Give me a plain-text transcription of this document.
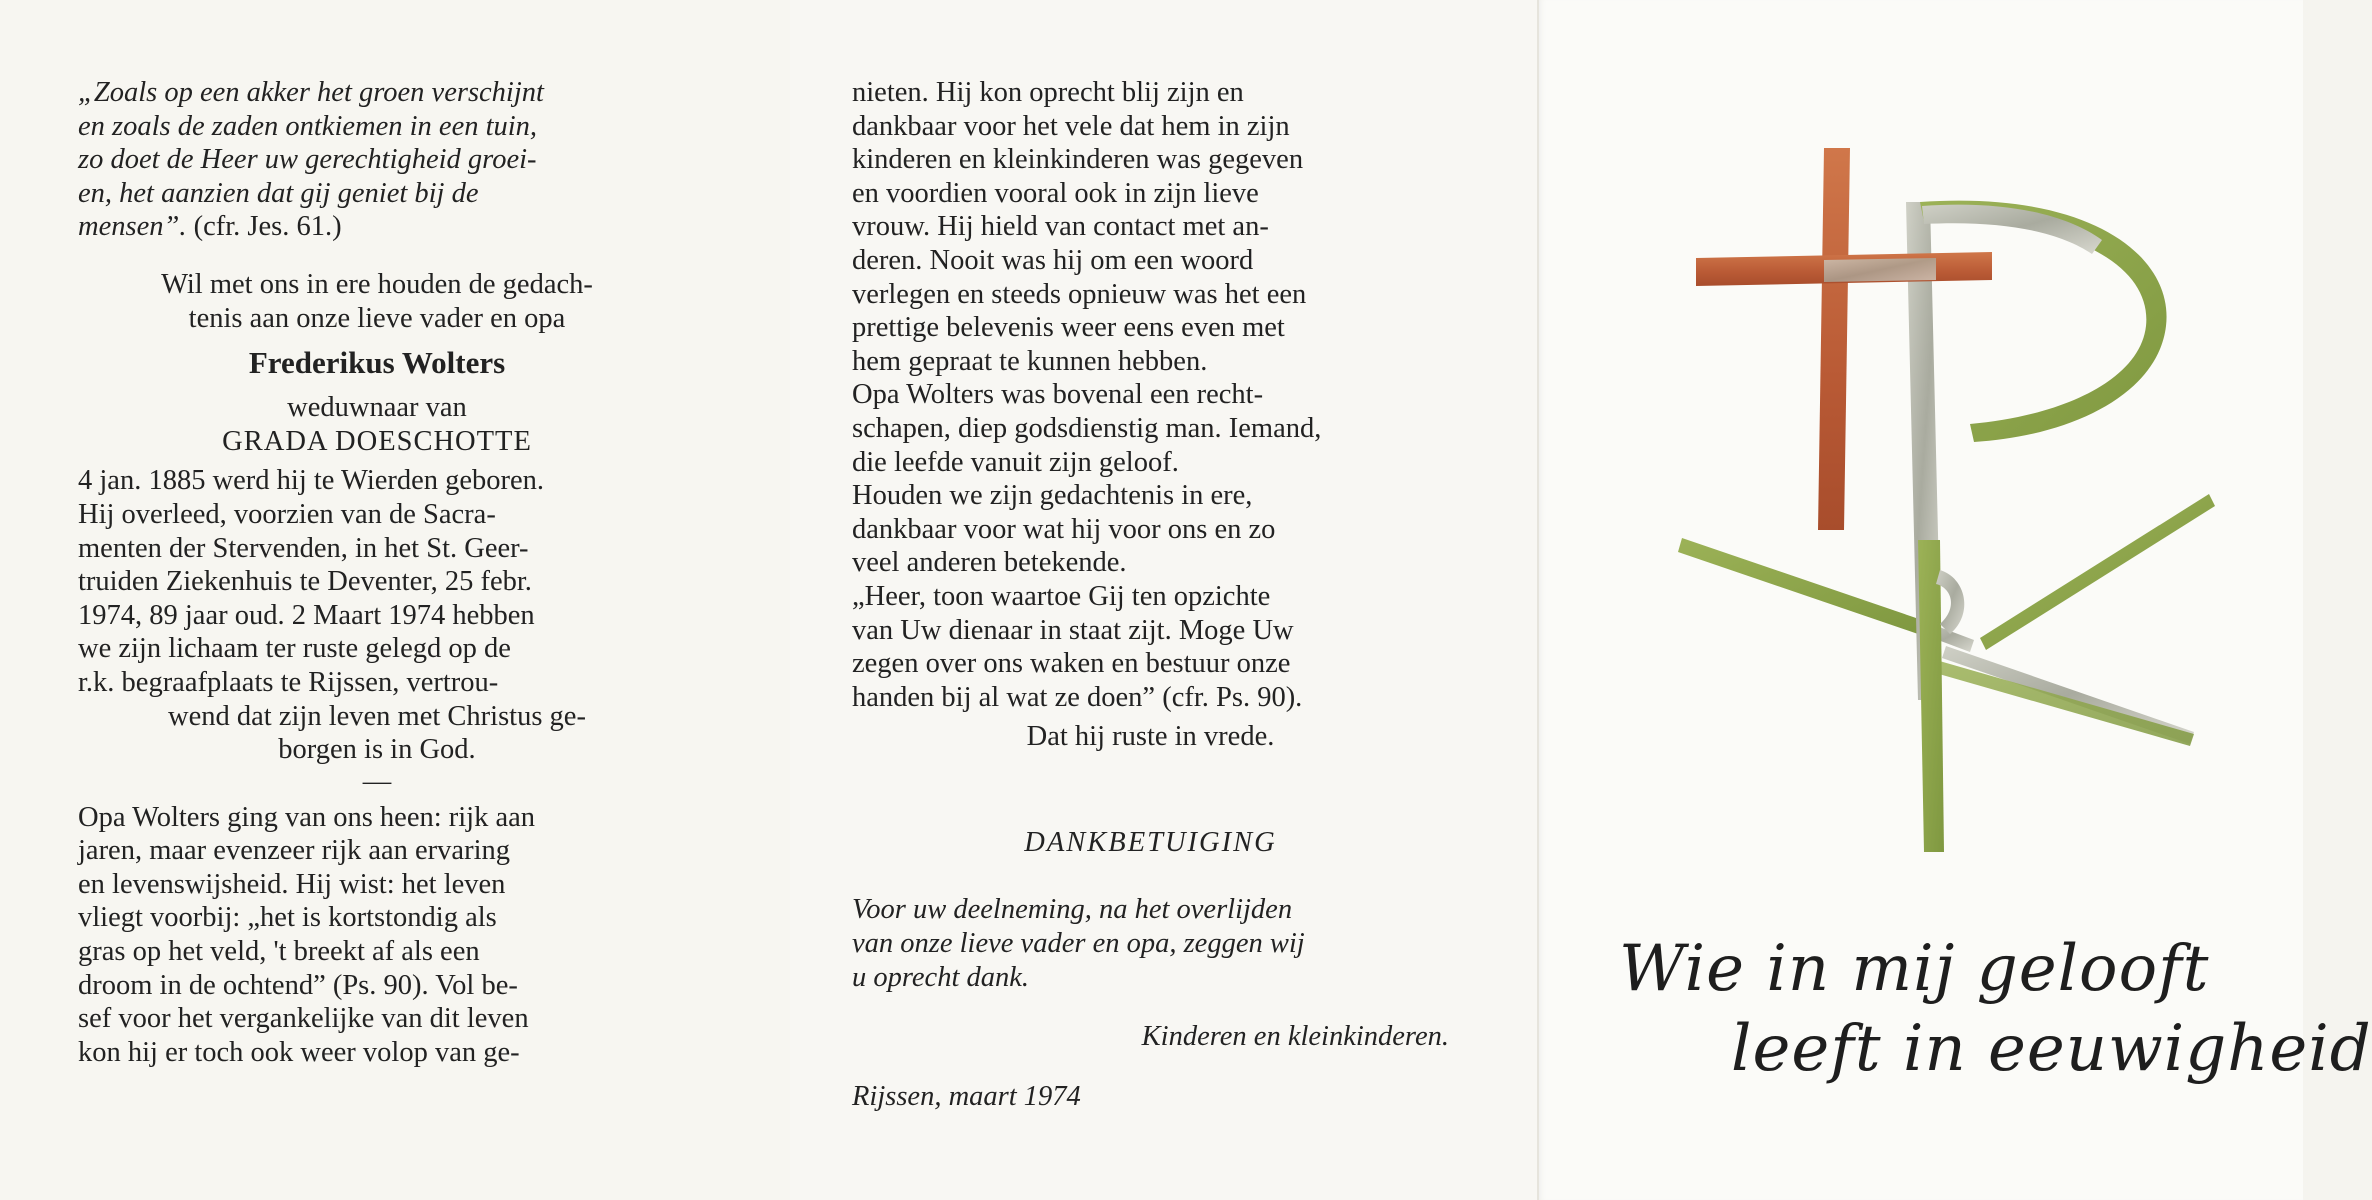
„Zoals op een akker het groen verschijnt

en zoals de zaden ontkiemen in een tuin,

zo doet de Heer uw gerechtigheid groei-

en, het aanzien dat gij geniet bij de

mensen”. (cfr. Jes. 61.)

Wil met ons in ere houden de gedach-

tenis aan onze lieve vader en opa

Frederikus Wolters

weduwnaar van

GRADA DOESCHOTTE

4 jan. 1885 werd hij te Wierden geboren.

Hij overleed, voorzien van de Sacra-

menten der Stervenden, in het St. Geer-

truiden Ziekenhuis te Deventer, 25 febr.

1974, 89 jaar oud. 2 Maart 1974 hebben

we zijn lichaam ter ruste gelegd op de

r.k. begraafplaats te Rijssen, vertrou-

wend dat zijn leven met Christus ge-

borgen is in God.

—

Opa Wolters ging van ons heen: rijk aan

jaren, maar evenzeer rijk aan ervaring

en levenswijsheid. Hij wist: het leven

vliegt voorbij: „het is kortstondig als

gras op het veld, 't breekt af als een

droom in de ochtend” (Ps. 90). Vol be-

sef voor het vergankelijke van dit leven

kon hij er toch ook weer volop van ge-

nieten. Hij kon oprecht blij zijn en

dankbaar voor het vele dat hem in zijn

kinderen en kleinkinderen was gegeven

en voordien vooral ook in zijn lieve

vrouw. Hij hield van contact met an-

deren. Nooit was hij om een woord

verlegen en steeds opnieuw was het een

prettige belevenis weer eens even met

hem gepraat te kunnen hebben.

Opa Wolters was bovenal een recht-

schapen, diep godsdienstig man. Iemand,

die leefde vanuit zijn geloof.

Houden we zijn gedachtenis in ere,

dankbaar voor wat hij voor ons en zo

veel anderen betekende.

„Heer, toon waartoe Gij ten opzichte

van Uw dienaar in staat zijt. Moge Uw

zegen over ons waken en bestuur onze

handen bij al wat ze doen” (cfr. Ps. 90).

Dat hij ruste in vrede.

DANKBETUIGING

Voor uw deelneming, na het overlijden

van onze lieve vader en opa, zeggen wij

u oprecht dank.

Kinderen en kleinkinderen.

Rijssen, maart 1974

Wie in mij gelooft
leeft in eeuwigheid
